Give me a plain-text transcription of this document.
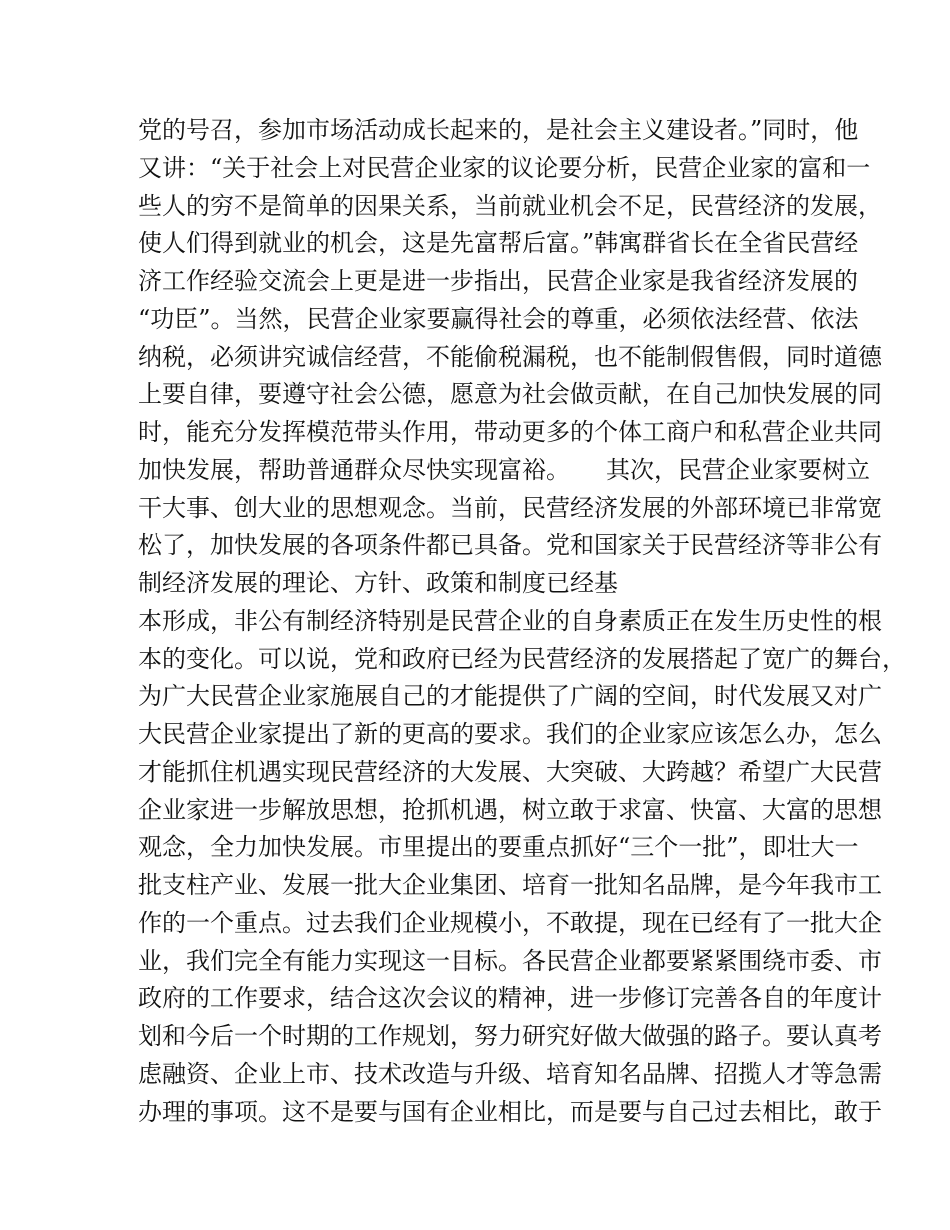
党的号召，参加市场活动成长起来的，是社会主义建设者。”同时，他
又讲：“关于社会上对民营企业家的议论要分析，民营企业家的富和一
些人的穷不是简单的因果关系，当前就业机会不足，民营经济的发展，
使人们得到就业的机会，这是先富帮后富。”韩寓群省长在全省民营经
济工作经验交流会上更是进一步指出，民营企业家是我省经济发展的
“功臣”。当然，民营企业家要赢得社会的尊重，必须依法经营、依法
纳税，必须讲究诚信经营，不能偷税漏税，也不能制假售假，同时道德
上要自律，要遵守社会公德，愿意为社会做贡献，在自己加快发展的同
时，能充分发挥模范带头作用，带动更多的个体工商户和私营企业共同
加快发展，帮助普通群众尽快实现富裕。　　其次，民营企业家要树立
干大事、创大业的思想观念。当前，民营经济发展的外部环境已非常宽
松了，加快发展的各项条件都已具备。党和国家关于民营经济等非公有
制经济发展的理论、方针、政策和制度已经基
本形成，非公有制经济特别是民营企业的自身素质正在发生历史性的根
本的变化。可以说，党和政府已经为民营经济的发展搭起了宽广的舞台，
为广大民营企业家施展自己的才能提供了广阔的空间，时代发展又对广
大民营企业家提出了新的更高的要求。我们的企业家应该怎么办，怎么
才能抓住机遇实现民营经济的大发展、大突破、大跨越？希望广大民营
企业家进一步解放思想，抢抓机遇，树立敢于求富、快富、大富的思想
观念，全力加快发展。市里提出的要重点抓好“三个一批”，即壮大一
批支柱产业、发展一批大企业集团、培育一批知名品牌，是今年我市工
作的一个重点。过去我们企业规模小，不敢提，现在已经有了一批大企
业，我们完全有能力实现这一目标。各民营企业都要紧紧围绕市委、市
政府的工作要求，结合这次会议的精神，进一步修订完善各自的年度计
划和今后一个时期的工作规划，努力研究好做大做强的路子。要认真考
虑融资、企业上市、技术改造与升级、培育知名品牌、招揽人才等急需
办理的事项。这不是要与国有企业相比，而是要与自己过去相比，敢于
